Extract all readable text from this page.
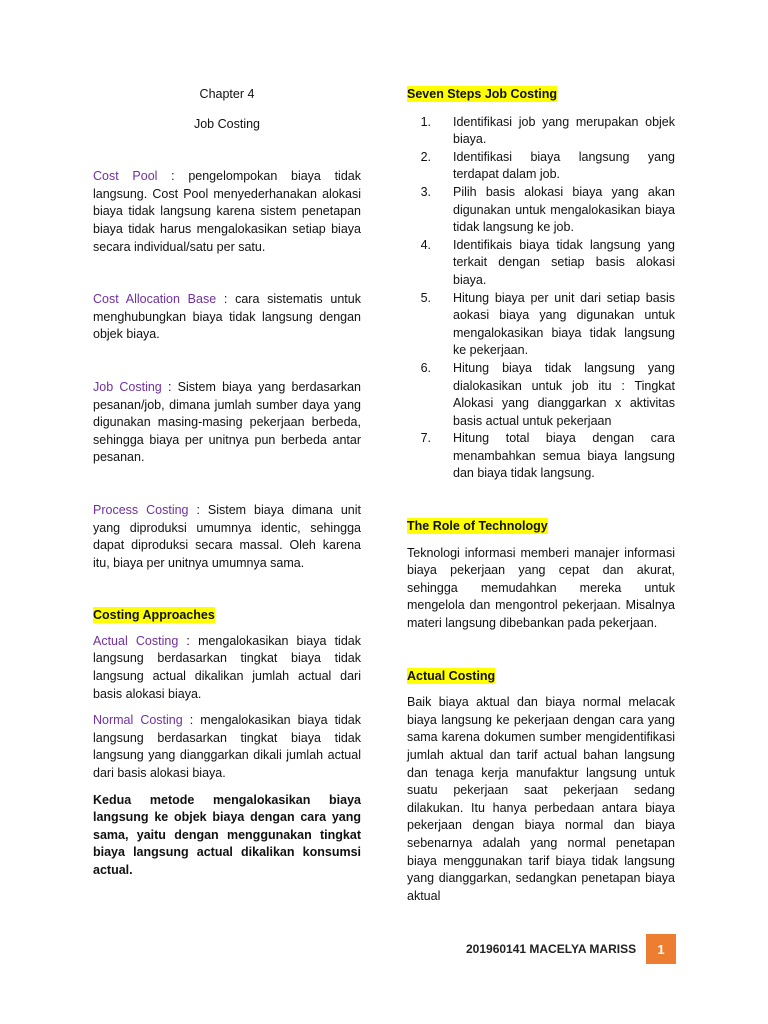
Chapter 4
Job Costing

Cost Pool : pengelompokan biaya tidak langsung. Cost Pool menyederhanakan alokasi biaya tidak langsung karena sistem penetapan biaya tidak harus mengalokasikan setiap biaya secara individual/satu per satu.

Cost Allocation Base : cara sistematis untuk menghubungkan biaya tidak langsung dengan objek biaya.

Job Costing : Sistem biaya yang berdasarkan pesanan/job, dimana jumlah sumber daya yang digunakan masing-masing pekerjaan berbeda, sehingga biaya per unitnya pun berbeda antar pesanan.

Process Costing : Sistem biaya dimana unit yang diproduksi umumnya identic, sehingga dapat diproduksi secara massal. Oleh karena itu, biaya per unitnya umumnya sama.

Costing Approaches

Actual Costing : mengalokasikan biaya tidak langsung berdasarkan tingkat biaya tidak langsung actual dikalikan jumlah actual dari basis alokasi biaya.

Normal Costing : mengalokasikan biaya tidak langsung berdasarkan tingkat biaya tidak langsung yang dianggarkan dikali jumlah actual dari basis alokasi biaya.

Kedua metode mengalokasikan biaya langsung ke objek biaya dengan cara yang sama, yaitu dengan menggunakan tingkat biaya langsung actual dikalikan konsumsi actual.

Seven Steps Job Costing

1.	Identifikasi job yang merupakan objek biaya.
2.	Identifikasi biaya langsung yang terdapat dalam job.
3.	Pilih basis alokasi biaya yang akan digunakan untuk mengalokasikan biaya tidak langsung ke job.
4.	Identifikais biaya tidak langsung yang terkait dengan setiap basis alokasi biaya.
5.	Hitung biaya per unit dari setiap basis aokasi biaya yang digunakan untuk mengalokasikan biaya tidak langsung ke pekerjaan.
6.	Hitung biaya tidak langsung yang dialokasikan untuk job itu : Tingkat Alokasi yang dianggarkan x aktivitas basis actual untuk pekerjaan
7.	Hitung total biaya dengan cara menambahkan semua biaya langsung dan biaya tidak langsung.

The Role of Technology

Teknologi informasi memberi manajer informasi biaya pekerjaan yang cepat dan akurat, sehingga memudahkan mereka untuk mengelola dan mengontrol pekerjaan. Misalnya materi langsung dibebankan pada pekerjaan.

Actual Costing

Baik biaya aktual dan biaya normal melacak biaya langsung ke pekerjaan dengan cara yang sama karena dokumen sumber mengidentifikasi jumlah aktual dan tarif actual bahan langsung dan tenaga kerja manufaktur langsung untuk suatu pekerjaan saat pekerjaan sedang dilakukan. Itu hanya perbedaan antara biaya pekerjaan dengan biaya normal dan biaya sebenarnya adalah yang normal penetapan biaya menggunakan tarif biaya tidak langsung yang dianggarkan, sedangkan penetapan biaya aktual

201960141 MACELYA MARISS	1
